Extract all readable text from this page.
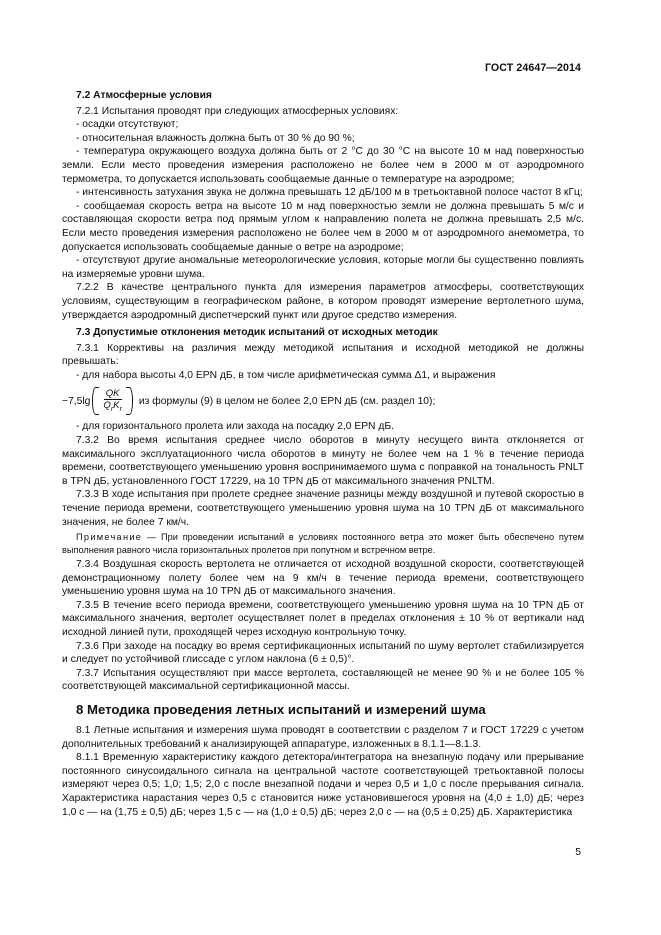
ГОСТ 24647—2014
7.2 Атмосферные условия

7.2.1 Испытания проводят при следующих атмосферных условиях:

- осадки отсутствуют;

- относительная влажность должна быть от 30 % до 90 %;

- температура окружающего воздуха должна быть от 2 °С до 30 °С на высоте 10 м над поверхностью земли. Если место проведения измерения расположено не более чем в 2000 м от аэродромного термометра, то допускается использовать сообщаемые данные о температуре на аэродроме;

- интенсивность затухания звука не должна превышать 12 дБ/100 м в третьоктавной полосе частот 8 кГц;

- сообщаемая скорость ветра на высоте 10 м над поверхностью земли не должна превышать 5 м/с и составляющая скорости ветра под прямым углом к направлению полета не должна превышать 2,5 м/с. Если место проведения измерения расположено не более чем в 2000 м от аэродромного анемометра, то допускается использовать сообщаемые данные о ветре на аэродроме;

- отсутствуют другие аномальные метеорологические условия, которые могли бы существенно повлиять на измеряемые уровни шума.

7.2.2 В качестве центрального пункта для измерения параметров атмосферы, соответствующих условиям, существующим в географическом районе, в котором проводят измерение вертолетного шума, утверждается аэродромный диспетчерский пункт или другое средство измерения.

7.3 Допустимые отклонения методик испытаний от исходных методик

7.3.1 Коррективы на различия между методикой испытания и исходной методикой не должны превышать:

- для набора высоты 4,0 EPN дБ, в том числе арифметическая сумма Δ1, и выражения

$-7,5\lg \frac{QK}{Q_rK_r}$ из формулы (9) в целом не более 2,0 EPN дБ (см. раздел 10);

- для горизонтального пролета или захода на посадку 2,0 EPN дБ.

7.3.2 Во время испытания среднее число оборотов в минуту несущего винта отклоняется от максимального эксплуатационного числа оборотов в минуту не более чем на 1 % в течение периода времени, соответствующего уменьшению уровня воспринимаемого шума с поправкой на тональность PNLT в TPN дБ, установленного ГОСТ 17229, на 10 TPN дБ от максимального значения PNLTM.

7.3.3 В ходе испытания при пролете среднее значение разницы между воздушной и путевой скоростью в течение периода времени, соответствующего уменьшению уровня шума на 10 TPN дБ от максимального значения, не более 7 км/ч.

Примечание — При проведении испытаний в условиях постоянного ветра это может быть обеспечено путем выполнения равного числа горизонтальных пролетов при попутном и встречном ветре.

7.3.4 Воздушная скорость вертолета не отличается от исходной воздушной скорости, соответствующей демонстрационному полету более чем на 9 км/ч в течение периода времени, соответствующего уменьшению уровня шума на 10 TPN дБ от максимального значения.

7.3.5 В течение всего периода времени, соответствующего уменьшению уровня шума на 10 TPN дБ от максимального значения, вертолет осуществляет полет в пределах отклонения ± 10 % от вертикали над исходной линией пути, проходящей через исходную контрольную точку.

7.3.6 При заходе на посадку во время сертификационных испытаний по шуму вертолет стабилизируется и следует по устойчивой глиссаде с углом наклона (6 ± 0,5)°.

7.3.7 Испытания осуществляют при массе вертолета, составляющей не менее 90 % и не более 105 % соответствующей максимальной сертификационной массы.

8 Методика проведения летных испытаний и измерений шума

8.1 Летные испытания и измерения шума проводят в соответствии с разделом 7 и ГОСТ 17229 с учетом дополнительных требований к анализирующей аппаратуре, изложенных в 8.1.1—8.1.3.

8.1.1 Временную характеристику каждого детектора/интегратора на внезапную подачу или прерывание постоянного синусоидального сигнала на центральной частоте соответствующей третьоктавной полосы измеряют через 0,5; 1,0; 1,5; 2,0 с после внезапной подачи и через 0,5 и 1,0 с после прерывания сигнала. Характеристика нарастания через 0,5 с становится ниже установившегося уровня на (4,0 ± 1,0) дБ; через 1,0 с — на (1,75 ± 0,5) дБ; через 1,5 с — на (1,0 ± 0,5) дБ; через 2,0 с — на (0,5 ± 0,25) дБ. Характеристика

5
